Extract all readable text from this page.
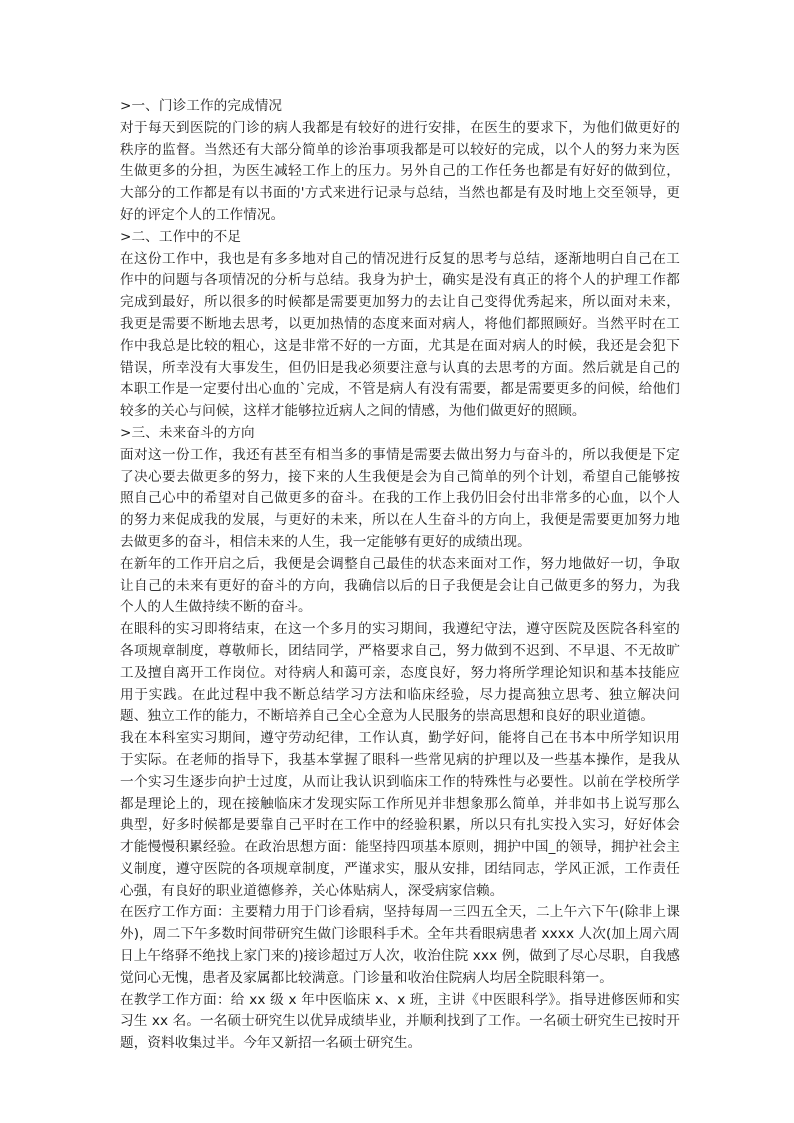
>一、门诊工作的完成情况

对于每天到医院的门诊的病人我都是有较好的进行安排，在医生的要求下，为他们做更好的秩序的监督。当然还有大部分简单的诊治事项我都是可以较好的完成，以个人的努力来为医生做更多的分担，为医生减轻工作上的压力。另外自己的工作任务也都是有好好的做到位，大部分的工作都是有以书面的'方式来进行记录与总结，当然也都是有及时地上交至领导，更好的评定个人的工作情况。

>二、工作中的不足

在这份工作中，我也是有多多地对自己的情况进行反复的思考与总结，逐渐地明白自己在工作中的问题与各项情况的分析与总结。我身为护士，确实是没有真正的将个人的护理工作都完成到最好，所以很多的时候都是需要更加努力的去让自己变得优秀起来，所以面对未来，我更是需要不断地去思考，以更加热情的态度来面对病人，将他们都照顾好。当然平时在工作中我总是比较的粗心，这是非常不好的一方面，尤其是在面对病人的时候，我还是会犯下错误，所幸没有大事发生，但仍旧是我必须要注意与认真的去思考的方面。然后就是自己的本职工作是一定要付出心血的`完成，不管是病人有没有需要，都是需要更多的问候，给他们较多的关心与问候，这样才能够拉近病人之间的情感，为他们做更好的照顾。

>三、未来奋斗的方向

面对这一份工作，我还有甚至有相当多的事情是需要去做出努力与奋斗的，所以我便是下定了决心要去做更多的努力，接下来的人生我便是会为自己简单的列个计划，希望自己能够按照自己心中的希望对自己做更多的奋斗。在我的工作上我仍旧会付出非常多的心血，以个人的努力来促成我的发展，与更好的未来，所以在人生奋斗的方向上，我便是需要更加努力地去做更多的奋斗，相信未来的人生，我一定能够有更好的成绩出现。

在新年的工作开启之后，我便是会调整自己最佳的状态来面对工作，努力地做好一切，争取让自己的未来有更好的奋斗的方向，我确信以后的日子我便是会让自己做更多的努力，为我个人的人生做持续不断的奋斗。

在眼科的实习即将结束，在这一个多月的实习期间，我遵纪守法，遵守医院及医院各科室的各项规章制度，尊敬师长，团结同学，严格要求自己，努力做到不迟到、不早退、不无故旷工及擅自离开工作岗位。对待病人和蔼可亲，态度良好，努力将所学理论知识和基本技能应用于实践。在此过程中我不断总结学习方法和临床经验，尽力提高独立思考、独立解决问题、独立工作的能力，不断培养自己全心全意为人民服务的崇高思想和良好的职业道德。

我在本科室实习期间，遵守劳动纪律，工作认真，勤学好问，能将自己在书本中所学知识用于实际。在老师的指导下，我基本掌握了眼科一些常见病的护理以及一些基本操作，是我从一个实习生逐步向护士过度，从而让我认识到临床工作的特殊性与必要性。以前在学校所学都是理论上的，现在接触临床才发现实际工作所见并非想象那么简单，并非如书上说写那么典型，好多时候都是要靠自己平时在工作中的经验积累，所以只有扎实投入实习，好好体会才能慢慢积累经验。在政治思想方面：能坚持四项基本原则，拥护中国_的领导，拥护社会主义制度，遵守医院的各项规章制度，严谨求实，服从安排，团结同志，学风正派，工作责任心强，有良好的职业道德修养，关心体贴病人，深受病家信赖。

在医疗工作方面：主要精力用于门诊看病，坚持每周一三四五全天，二上午六下午(除非上课外)，周二下午多数时间带研究生做门诊眼科手术。全年共看眼病患者 xxxx 人次(加上周六周日上午络驿不绝找上家门来的)接诊超过万人次，收治住院 xxx 例，做到了尽心尽职，自我感觉问心无愧，患者及家属都比较满意。门诊量和收治住院病人均居全院眼科第一。

在教学工作方面：给 xx 级 x 年中医临床 x、x 班，主讲《中医眼科学》。指导进修医师和实习生 xx 名。一名硕士研究生以优异成绩毕业，并顺利找到了工作。一名硕士研究生已按时开题，资料收集过半。今年又新招一名硕士研究生。
